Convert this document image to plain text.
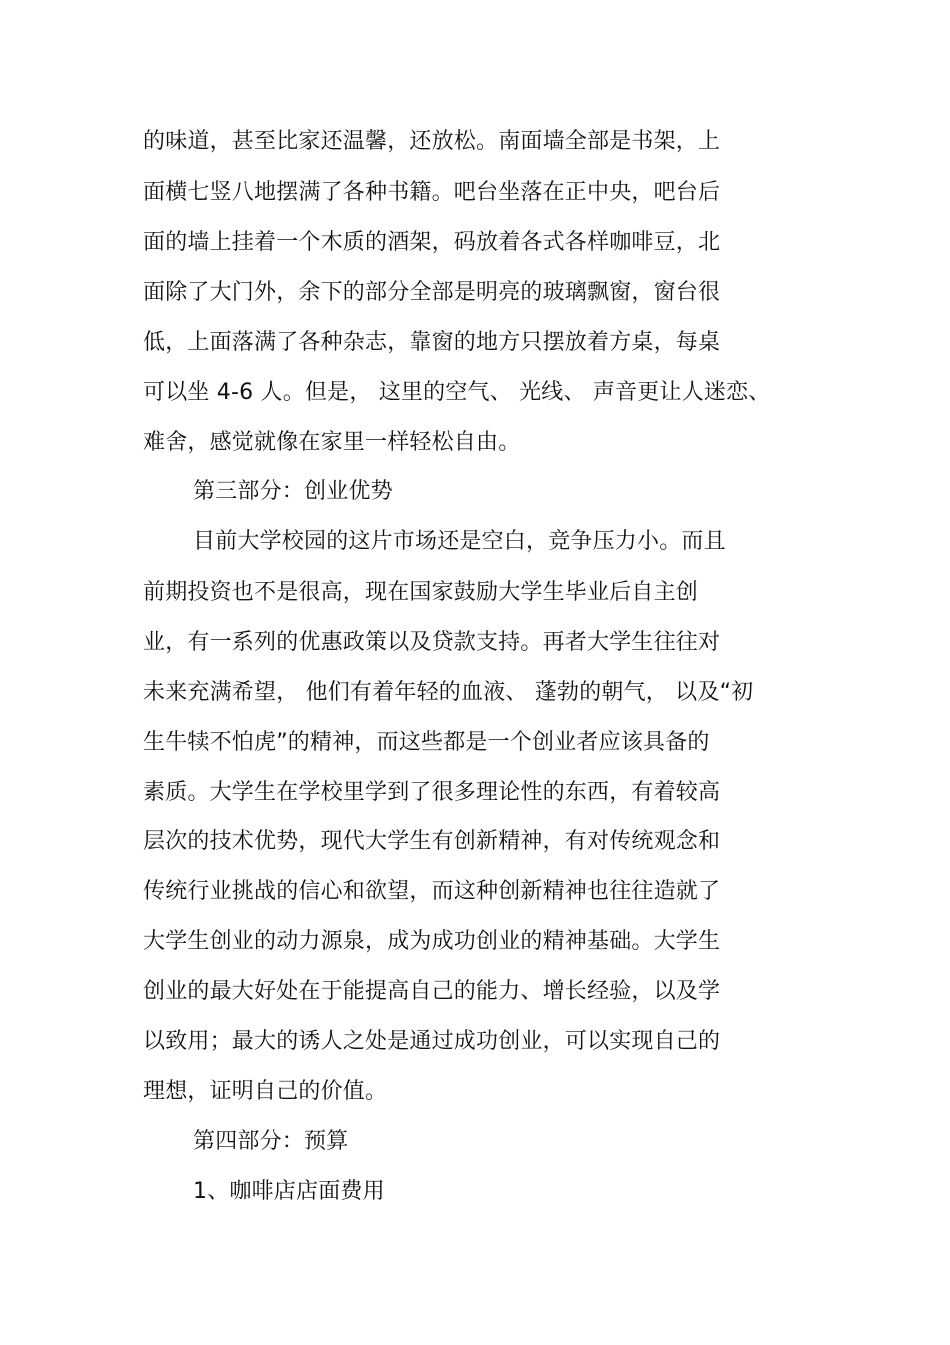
的味道，甚至比家还温馨，还放松。南面墙全部是书架，上
面横七竖八地摆满了各种书籍。吧台坐落在正中央，吧台后
面的墙上挂着一个木质的酒架，码放着各式各样咖啡豆，北
面除了大门外，余下的部分全部是明亮的玻璃飘窗，窗台很
低，上面落满了各种杂志，靠窗的地方只摆放着方桌，每桌
可以坐 4-6 人。但是， 这里的空气、 光线、 声音更让人迷恋、
难舍，感觉就像在家里一样轻松自由。
第三部分：创业优势
目前大学校园的这片市场还是空白，竞争压力小。而且
前期投资也不是很高，现在国家鼓励大学生毕业后自主创
业，有一系列的优惠政策以及贷款支持。再者大学生往往对
未来充满希望， 他们有着年轻的血液、 蓬勃的朝气， 以及“初
生牛犊不怕虎”的精神，而这些都是一个创业者应该具备的
素质。大学生在学校里学到了很多理论性的东西，有着较高
层次的技术优势，现代大学生有创新精神，有对传统观念和
传统行业挑战的信心和欲望，而这种创新精神也往往造就了
大学生创业的动力源泉，成为成功创业的精神基础。大学生
创业的最大好处在于能提高自己的能力、增长经验，以及学
以致用；最大的诱人之处是通过成功创业，可以实现自己的
理想，证明自己的价值。
第四部分：预算
1、咖啡店店面费用
